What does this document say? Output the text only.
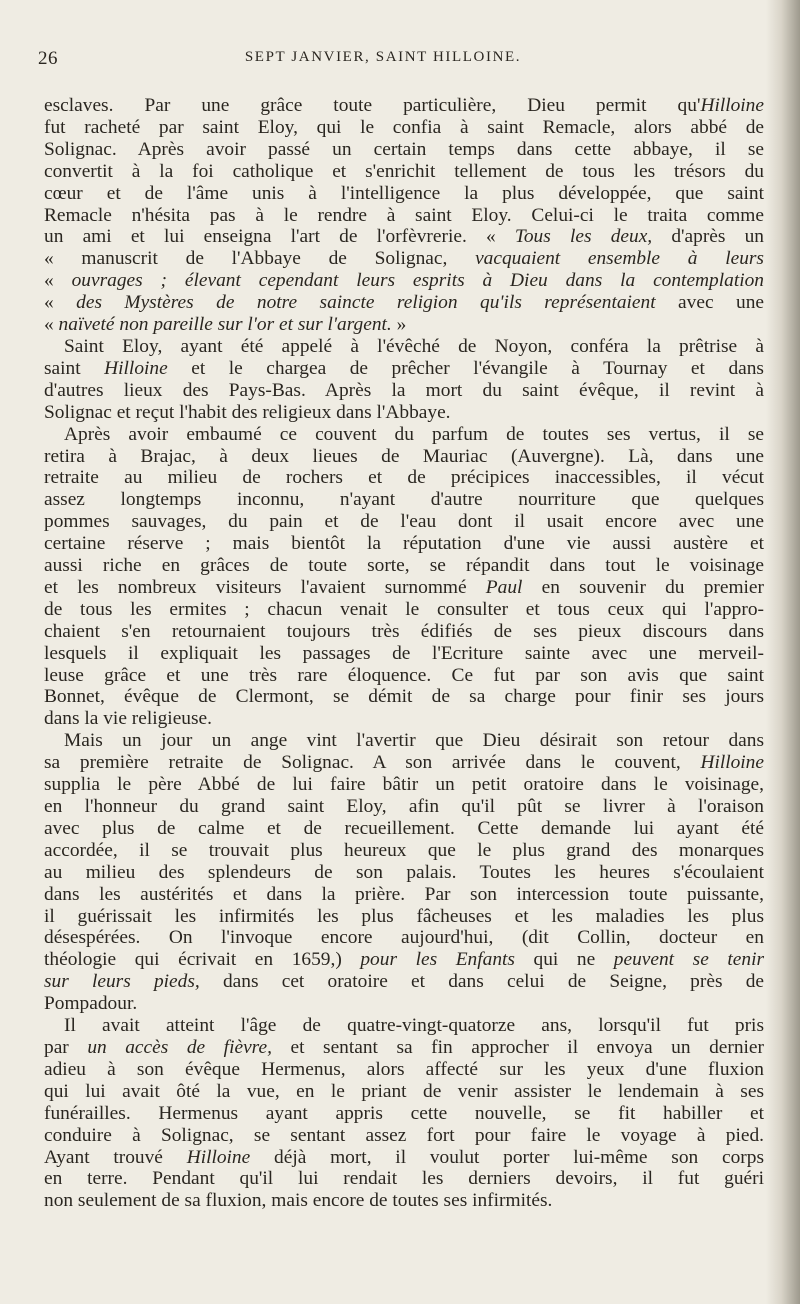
26	SEPT JANVIER, SAINT HILLOINE.
esclaves. Par une grâce toute particulière, Dieu permit qu'Hilloine
fut racheté par saint Eloy, qui le confia à saint Remacle, alors abbé de
Solignac. Après avoir passé un certain temps dans cette abbaye, il se
convertit à la foi catholique et s'enrichit tellement de tous les trésors du
cœur et de l'âme unis à l'intelligence la plus développée, que saint
Remacle n'hésita pas à le rendre à saint Eloy. Celui-ci le traita comme
un ami et lui enseigna l'art de l'orfèvrerie. « Tous les deux, d'après un
« manuscrit de l'Abbaye de Solignac, vacquaient ensemble à leurs
« ouvrages ; élevant cependant leurs esprits à Dieu dans la contemplation
« des Mystères de notre saincte religion qu'ils représentaient avec une
« naïveté non pareille sur l'or et sur l'argent. »
Saint Eloy, ayant été appelé à l'évêché de Noyon, conféra la prêtrise à
saint Hilloine et le chargea de prêcher l'évangile à Tournay et dans
d'autres lieux des Pays-Bas. Après la mort du saint évêque, il revint à
Solignac et reçut l'habit des religieux dans l'Abbaye.
Après avoir embaumé ce couvent du parfum de toutes ses vertus, il se
retira à Brajac, à deux lieues de Mauriac (Auvergne). Là, dans une
retraite au milieu de rochers et de précipices inaccessibles, il vécut
assez longtemps inconnu, n'ayant d'autre nourriture que quelques
pommes sauvages, du pain et de l'eau dont il usait encore avec une
certaine réserve ; mais bientôt la réputation d'une vie aussi austère et
aussi riche en grâces de toute sorte, se répandit dans tout le voisinage
et les nombreux visiteurs l'avaient surnommé Paul en souvenir du premier
de tous les ermites ; chacun venait le consulter et tous ceux qui l'appro-
chaient s'en retournaient toujours très édifiés de ses pieux discours dans
lesquels il expliquait les passages de l'Ecriture sainte avec une merveil-
leuse grâce et une très rare éloquence. Ce fut par son avis que saint
Bonnet, évêque de Clermont, se démit de sa charge pour finir ses jours
dans la vie religieuse.
Mais un jour un ange vint l'avertir que Dieu désirait son retour dans
sa première retraite de Solignac. A son arrivée dans le couvent, Hilloine
supplia le père Abbé de lui faire bâtir un petit oratoire dans le voisinage,
en l'honneur du grand saint Eloy, afin qu'il pût se livrer à l'oraison
avec plus de calme et de recueillement. Cette demande lui ayant été
accordée, il se trouvait plus heureux que le plus grand des monarques
au milieu des splendeurs de son palais. Toutes les heures s'écoulaient
dans les austérités et dans la prière. Par son intercession toute puissante,
il guérissait les infirmités les plus fâcheuses et les maladies les plus
désespérées. On l'invoque encore aujourd'hui, (dit Collin, docteur en
théologie qui écrivait en 1659,) pour les Enfants qui ne peuvent se tenir
sur leurs pieds, dans cet oratoire et dans celui de Seigne, près de
Pompadour.
Il avait atteint l'âge de quatre-vingt-quatorze ans, lorsqu'il fut pris
par un accès de fièvre, et sentant sa fin approcher il envoya un dernier
adieu à son évêque Hermenus, alors affecté sur les yeux d'une fluxion
qui lui avait ôté la vue, en le priant de venir assister le lendemain à ses
funérailles. Hermenus ayant appris cette nouvelle, se fit habiller et
conduire à Solignac, se sentant assez fort pour faire le voyage à pied.
Ayant trouvé Hilloine déjà mort, il voulut porter lui-même son corps
en terre. Pendant qu'il lui rendait les derniers devoirs, il fut guéri
non seulement de sa fluxion, mais encore de toutes ses infirmités.
